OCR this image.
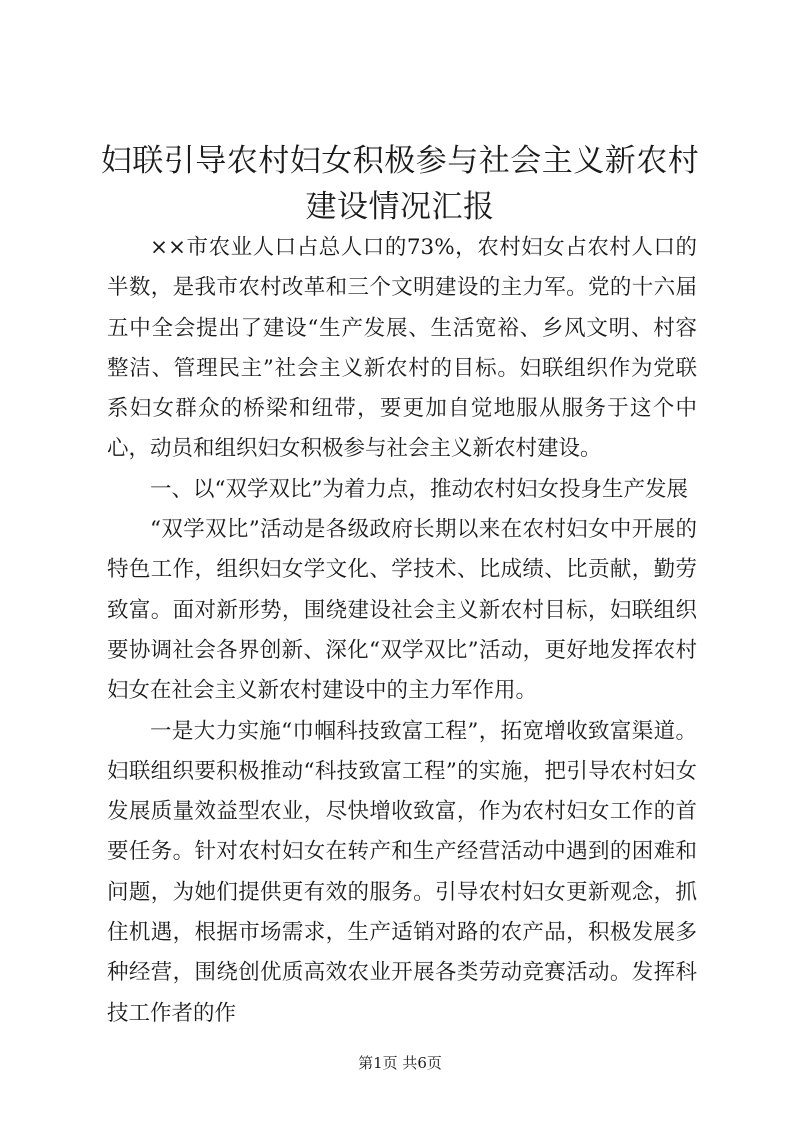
妇联引导农村妇女积极参与社会主义新农村建设情况汇报

××市农业人口占总人口的73%，农村妇女占农村人口的半数，是我市农村改革和三个文明建设的主力军。党的十六届五中全会提出了建设“生产发展、生活宽裕、乡风文明、村容整洁、管理民主”社会主义新农村的目标。妇联组织作为党联系妇女群众的桥梁和纽带，要更加自觉地服从服务于这个中心，动员和组织妇女积极参与社会主义新农村建设。

一、以“双学双比”为着力点，推动农村妇女投身生产发展

“双学双比”活动是各级政府长期以来在农村妇女中开展的特色工作，组织妇女学文化、学技术、比成绩、比贡献，勤劳致富。面对新形势，围绕建设社会主义新农村目标，妇联组织要协调社会各界创新、深化“双学双比”活动，更好地发挥农村妇女在社会主义新农村建设中的主力军作用。

一是大力实施“巾帼科技致富工程”，拓宽增收致富渠道。妇联组织要积极推动“科技致富工程”的实施，把引导农村妇女发展质量效益型农业，尽快增收致富，作为农村妇女工作的首要任务。针对农村妇女在转产和生产经营活动中遇到的困难和问题，为她们提供更有效的服务。引导农村妇女更新观念，抓住机遇，根据市场需求，生产适销对路的农产品，积极发展多种经营，围绕创优质高效农业开展各类劳动竞赛活动。发挥科技工作者的作

第1页 共6页
